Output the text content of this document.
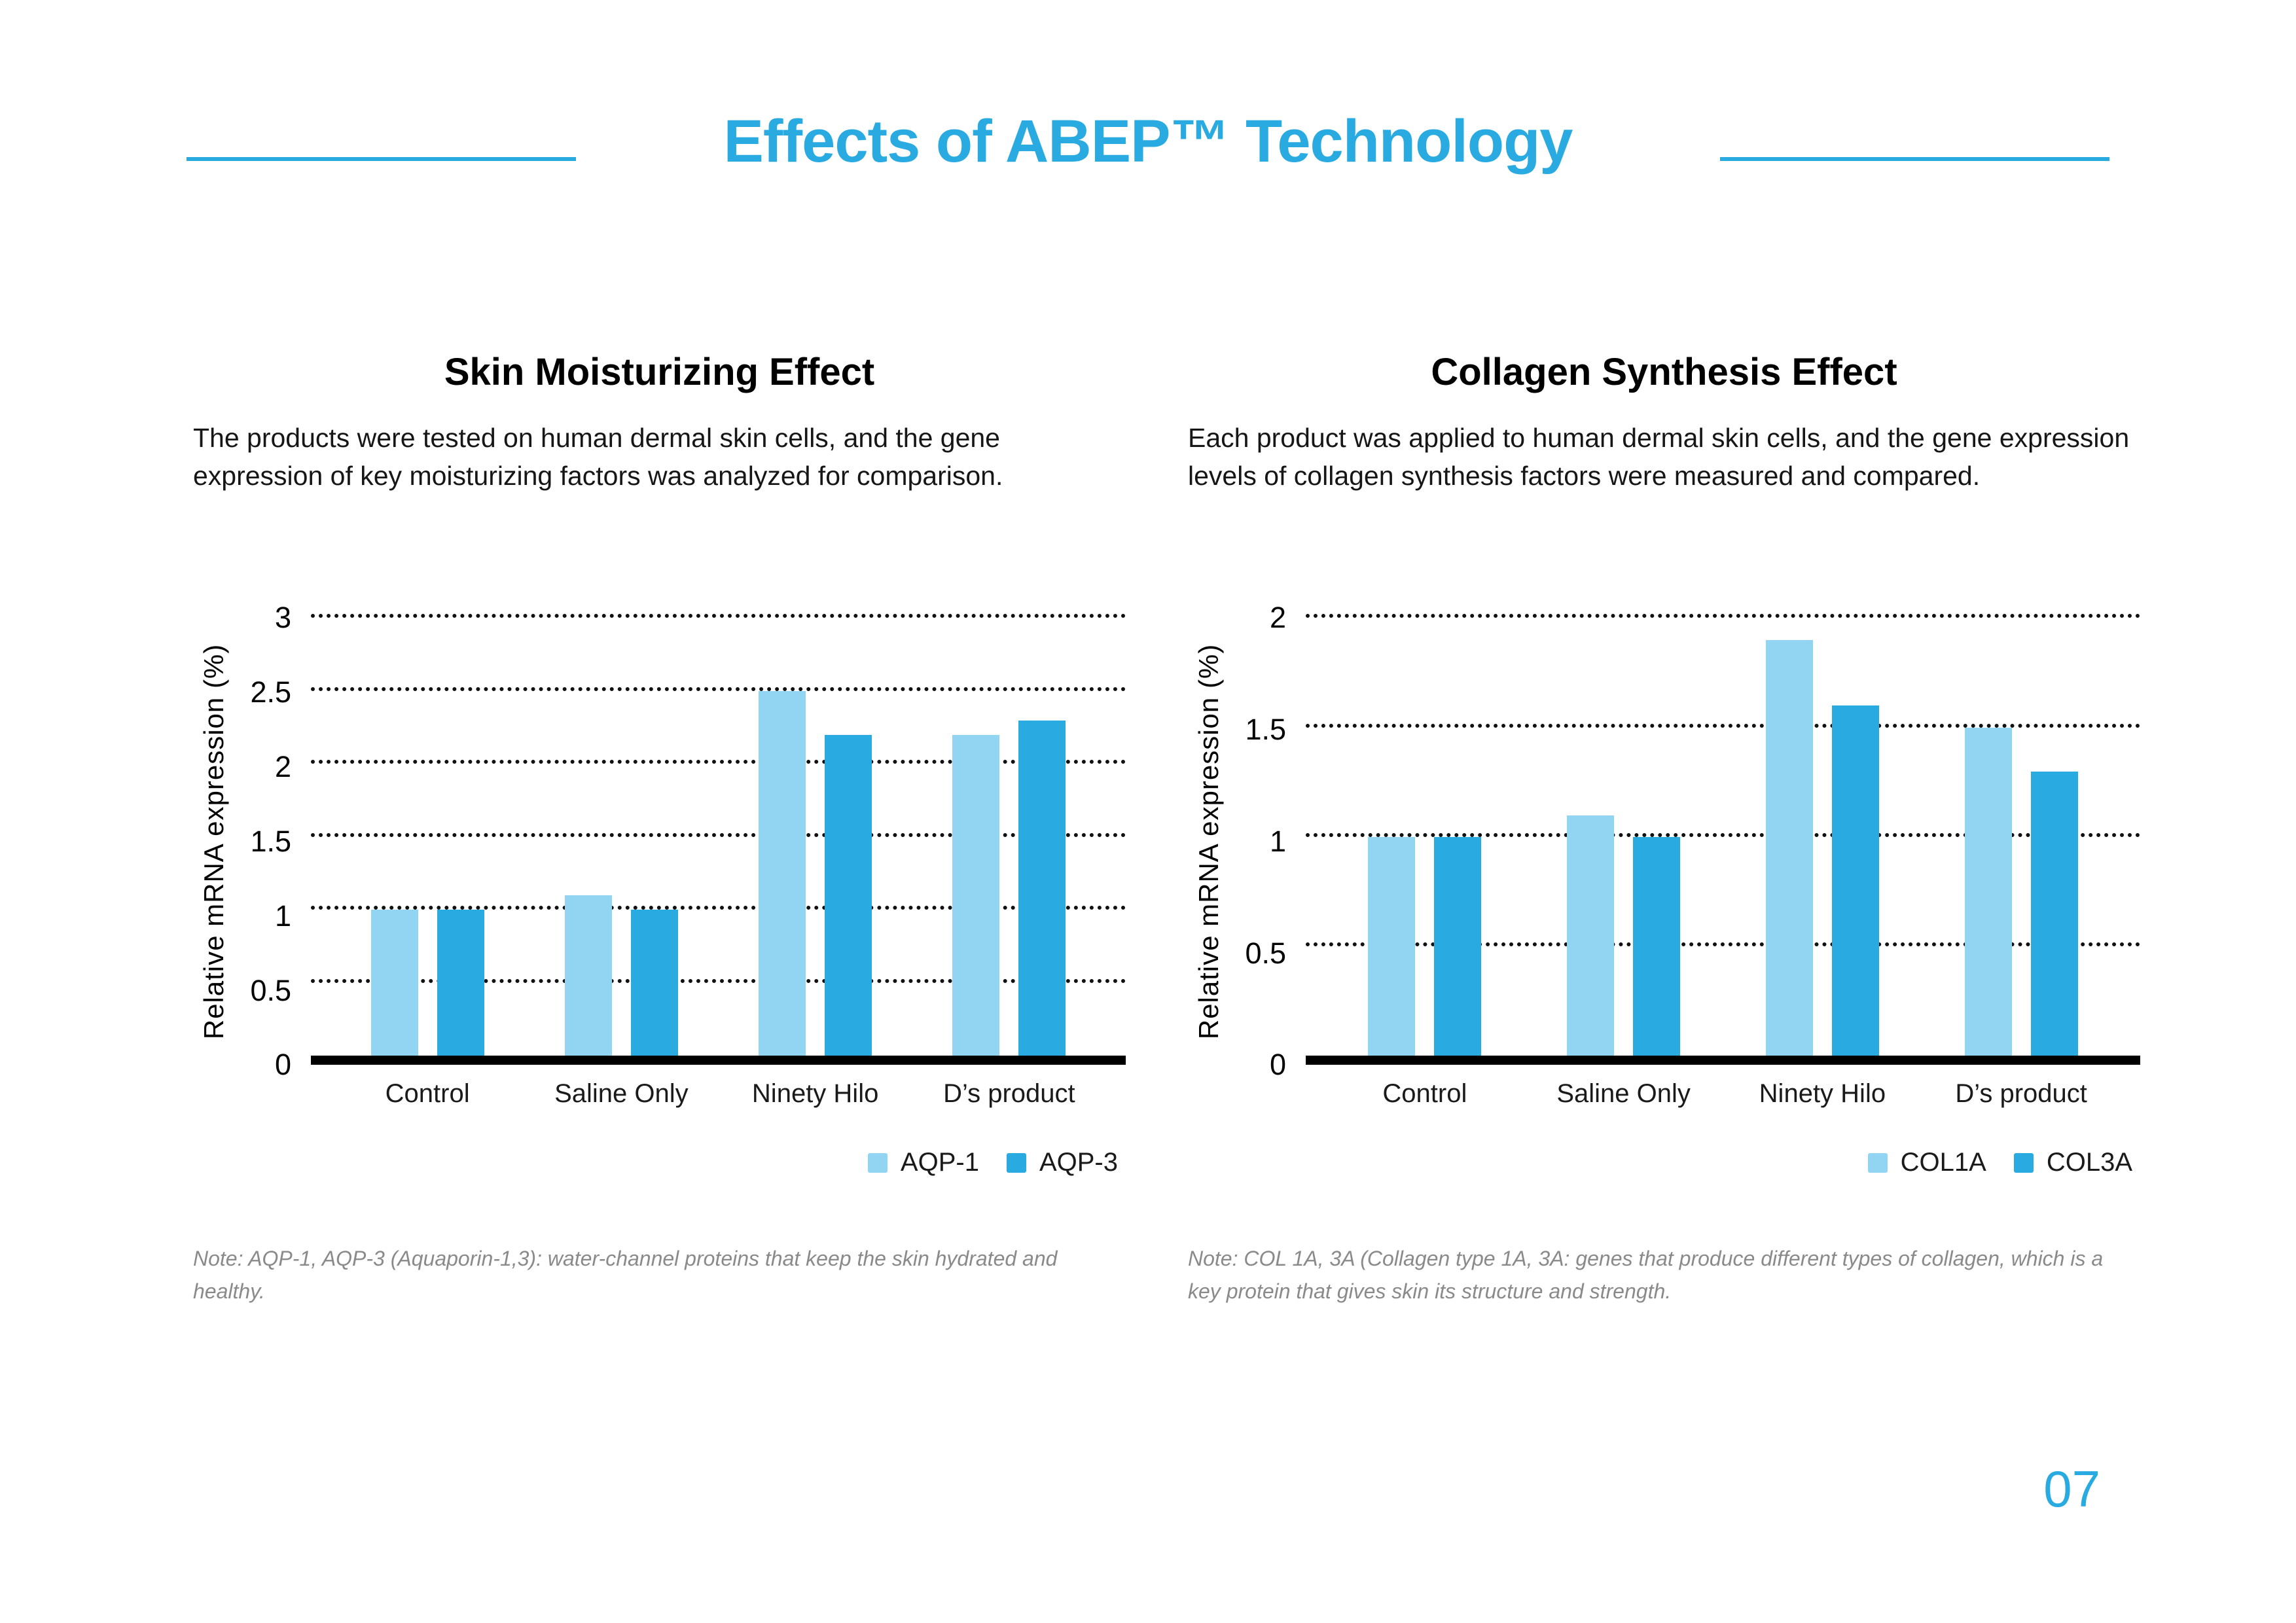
Effects of ABEP™ Technology
Skin Moisturizing Effect

The products were tested on human dermal skin cells, and the gene expression of key moisturizing factors was analyzed for comparison.

Relative mRNA expression (%)
0
0.5
1
1.5
2
2.5
3
Control	Saline Only	Ninety Hilo	D’s product
AQP-1 AQP-3

Note: AQP-1, AQP-3 (Aquaporin-1,3): water-channel proteins that keep the skin hydrated and healthy.

Collagen Synthesis Effect

Each product was applied to human dermal skin cells, and the gene expression levels of collagen synthesis factors were measured and compared.

Relative mRNA expression (%)
0
0.5
1
1.5
2
Control	Saline Only	Ninety Hilo	D’s product
COL1A COL3A

Note: COL 1A, 3A (Collagen type 1A, 3A: genes that produce different types of collagen, which is a key protein that gives skin its structure and strength.

07
